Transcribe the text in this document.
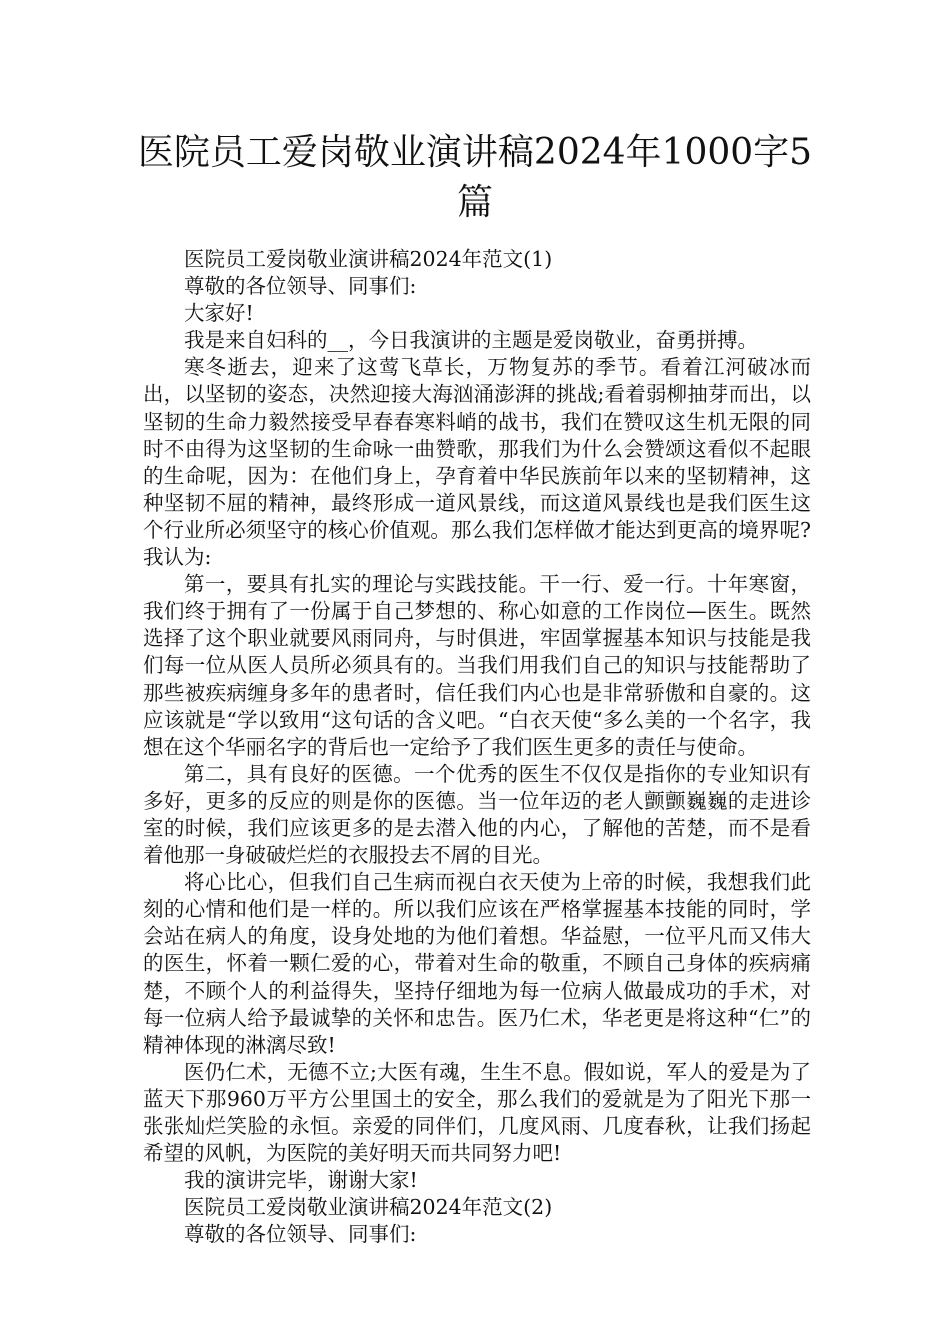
医院员工爱岗敬业演讲稿2024年1000字5篇

医院员工爱岗敬业演讲稿2024年范文(1)

尊敬的各位领导、同事们:

大家好!

我是来自妇科的__，今日我演讲的主题是爱岗敬业，奋勇拼搏。

寒冬逝去，迎来了这莺飞草长，万物复苏的季节。看着江河破冰而出，以坚韧的姿态，决然迎接大海汹涌澎湃的挑战;看着弱柳抽芽而出，以坚韧的生命力毅然接受早春春寒料峭的战书，我们在赞叹这生机无限的同时不由得为这坚韧的生命咏一曲赞歌，那我们为什么会赞颂这看似不起眼的生命呢，因为：在他们身上，孕育着中华民族前年以来的坚韧精神，这种坚韧不屈的精神，最终形成一道风景线，而这道风景线也是我们医生这个行业所必须坚守的核心价值观。那么我们怎样做才能达到更高的境界呢?我认为:

第一，要具有扎实的理论与实践技能。干一行、爱一行。十年寒窗，我们终于拥有了一份属于自己梦想的、称心如意的工作岗位—医生。既然选择了这个职业就要风雨同舟，与时俱进，牢固掌握基本知识与技能是我们每一位从医人员所必须具有的。当我们用我们自己的知识与技能帮助了那些被疾病缠身多年的患者时，信任我们内心也是非常骄傲和自豪的。这应该就是“学以致用“这句话的含义吧。“白衣天使“多么美的一个名字，我想在这个华丽名字的背后也一定给予了我们医生更多的责任与使命。

第二，具有良好的医德。一个优秀的医生不仅仅是指你的专业知识有多好，更多的反应的则是你的医德。当一位年迈的老人颤颤巍巍的走进诊室的时候，我们应该更多的是去潜入他的内心，了解他的苦楚，而不是看着他那一身破破烂烂的衣服投去不屑的目光。

将心比心，但我们自己生病而视白衣天使为上帝的时候，我想我们此刻的心情和他们是一样的。所以我们应该在严格掌握基本技能的同时，学会站在病人的角度，设身处地的为他们着想。华益慰，一位平凡而又伟大的医生，怀着一颗仁爱的心，带着对生命的敬重，不顾自己身体的疾病痛楚，不顾个人的利益得失，坚持仔细地为每一位病人做最成功的手术，对每一位病人给予最诚挚的关怀和忠告。医乃仁术，华老更是将这种“仁”的精神体现的淋漓尽致!

医仍仁术，无德不立;大医有魂，生生不息。假如说，军人的爱是为了蓝天下那960万平方公里国土的安全，那么我们的爱就是为了阳光下那一张张灿烂笑脸的永恒。亲爱的同伴们，几度风雨、几度春秋，让我们扬起希望的风帆，为医院的美好明天而共同努力吧!

我的演讲完毕，谢谢大家!

医院员工爱岗敬业演讲稿2024年范文(2)

尊敬的各位领导、同事们:
